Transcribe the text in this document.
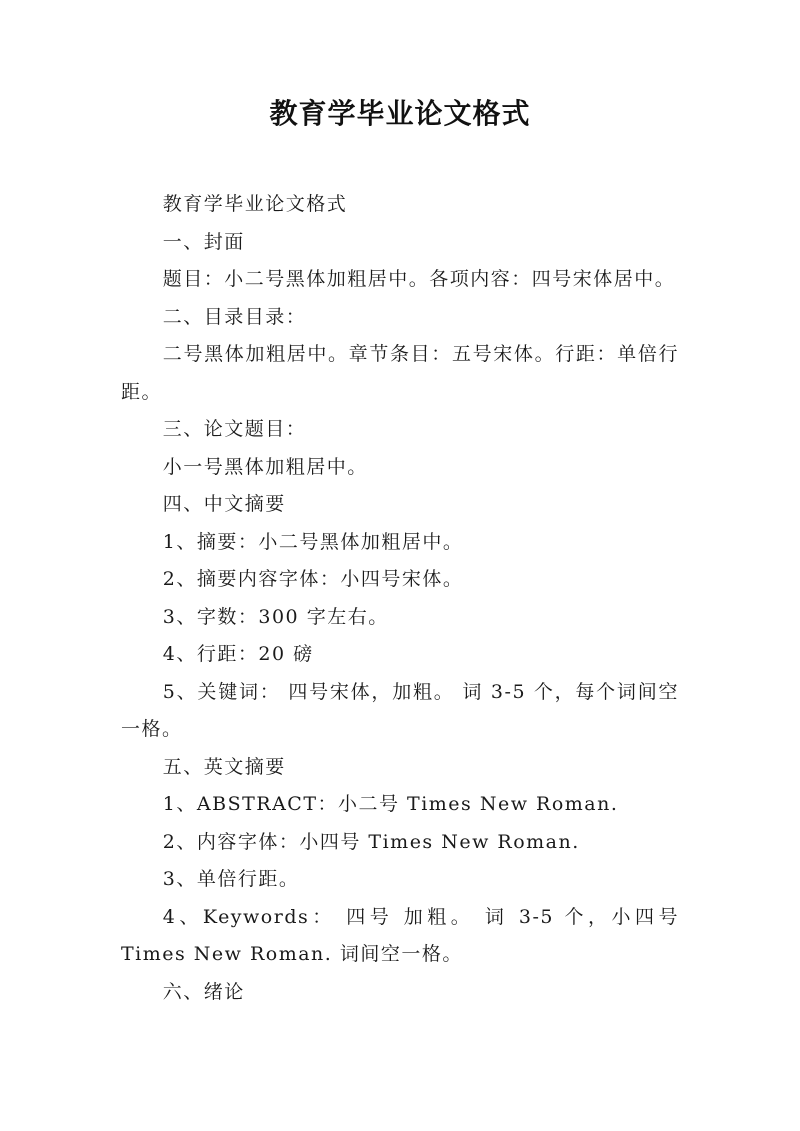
教育学毕业论文格式

教育学毕业论文格式

一、封面

题目：小二号黑体加粗居中。各项内容：四号宋体居中。

二、目录目录：

二号黑体加粗居中。章节条目：五号宋体。行距：单倍行距。

三、论文题目：

小一号黑体加粗居中。

四、中文摘要

1、摘要：小二号黑体加粗居中。

2、摘要内容字体：小四号宋体。

3、字数：300 字左右。

4、行距：20 磅

5、关键词： 四号宋体，加粗。 词 3-5 个，每个词间空一格。

五、英文摘要

1、ABSTRACT：小二号 Times New Roman.

2、内容字体：小四号 Times New Roman.

3、单倍行距。

4、Keywords： 四号 加粗。 词 3-5 个，小四号 Times New Roman. 词间空一格。

六、绪论
